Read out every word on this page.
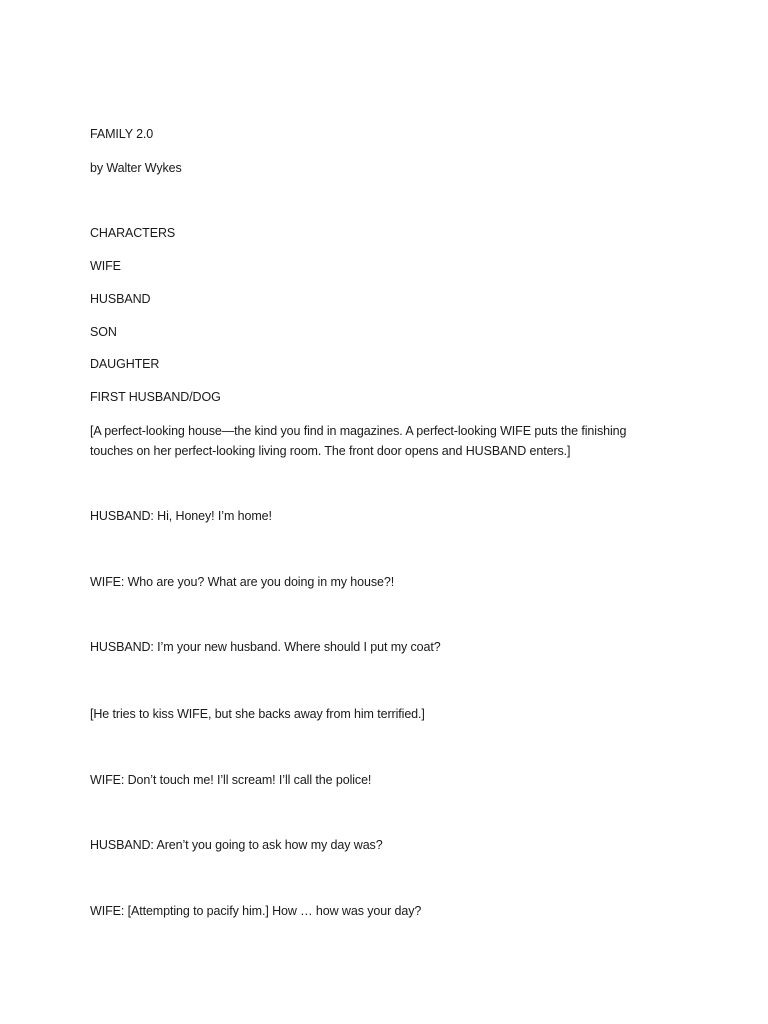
FAMILY 2.0
by Walter Wykes
CHARACTERS
WIFE
HUSBAND
SON
DAUGHTER
FIRST HUSBAND/DOG
[A perfect-looking house—the kind you find in magazines. A perfect-looking WIFE puts the finishing
touches on her perfect-looking living room. The front door opens and HUSBAND enters.]
HUSBAND: Hi, Honey! I’m home!
WIFE: Who are you? What are you doing in my house?!
HUSBAND: I’m your new husband. Where should I put my coat?
[He tries to kiss WIFE, but she backs away from him terrified.]
WIFE: Don’t touch me! I’ll scream! I’ll call the police!
HUSBAND: Aren’t you going to ask how my day was?
WIFE: [Attempting to pacify him.] How … how was your day?
